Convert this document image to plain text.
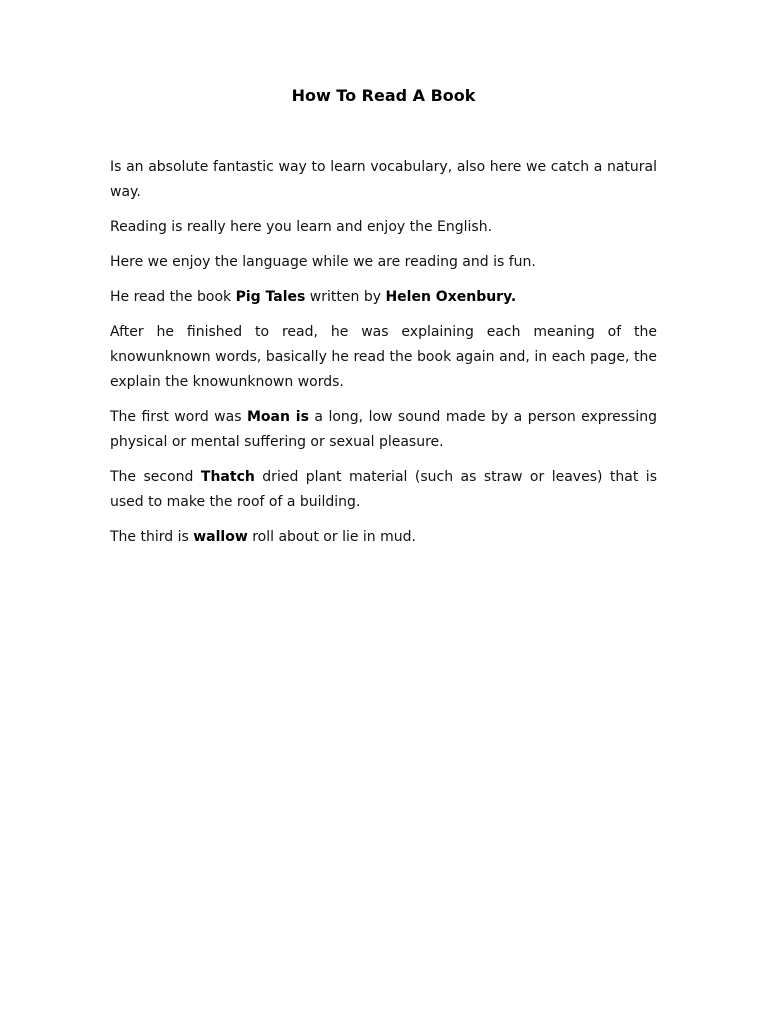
How To Read A Book

Is an absolute fantastic way to learn vocabulary, also here we catch a natural way.

Reading is really here you learn and enjoy the English.

Here we enjoy the language while we are reading and is fun.

He read the book Pig Tales written by Helen Oxenbury.

After he finished to read, he was explaining each meaning of the knowunknown words, basically he read the book again and, in each page, the explain the knowunknown words.

The first word was Moan is a long, low sound made by a person expressing physical or mental suffering or sexual pleasure.

The second Thatch dried plant material (such as straw or leaves) that is used to make the roof of a building.

The third is wallow roll about or lie in mud.
